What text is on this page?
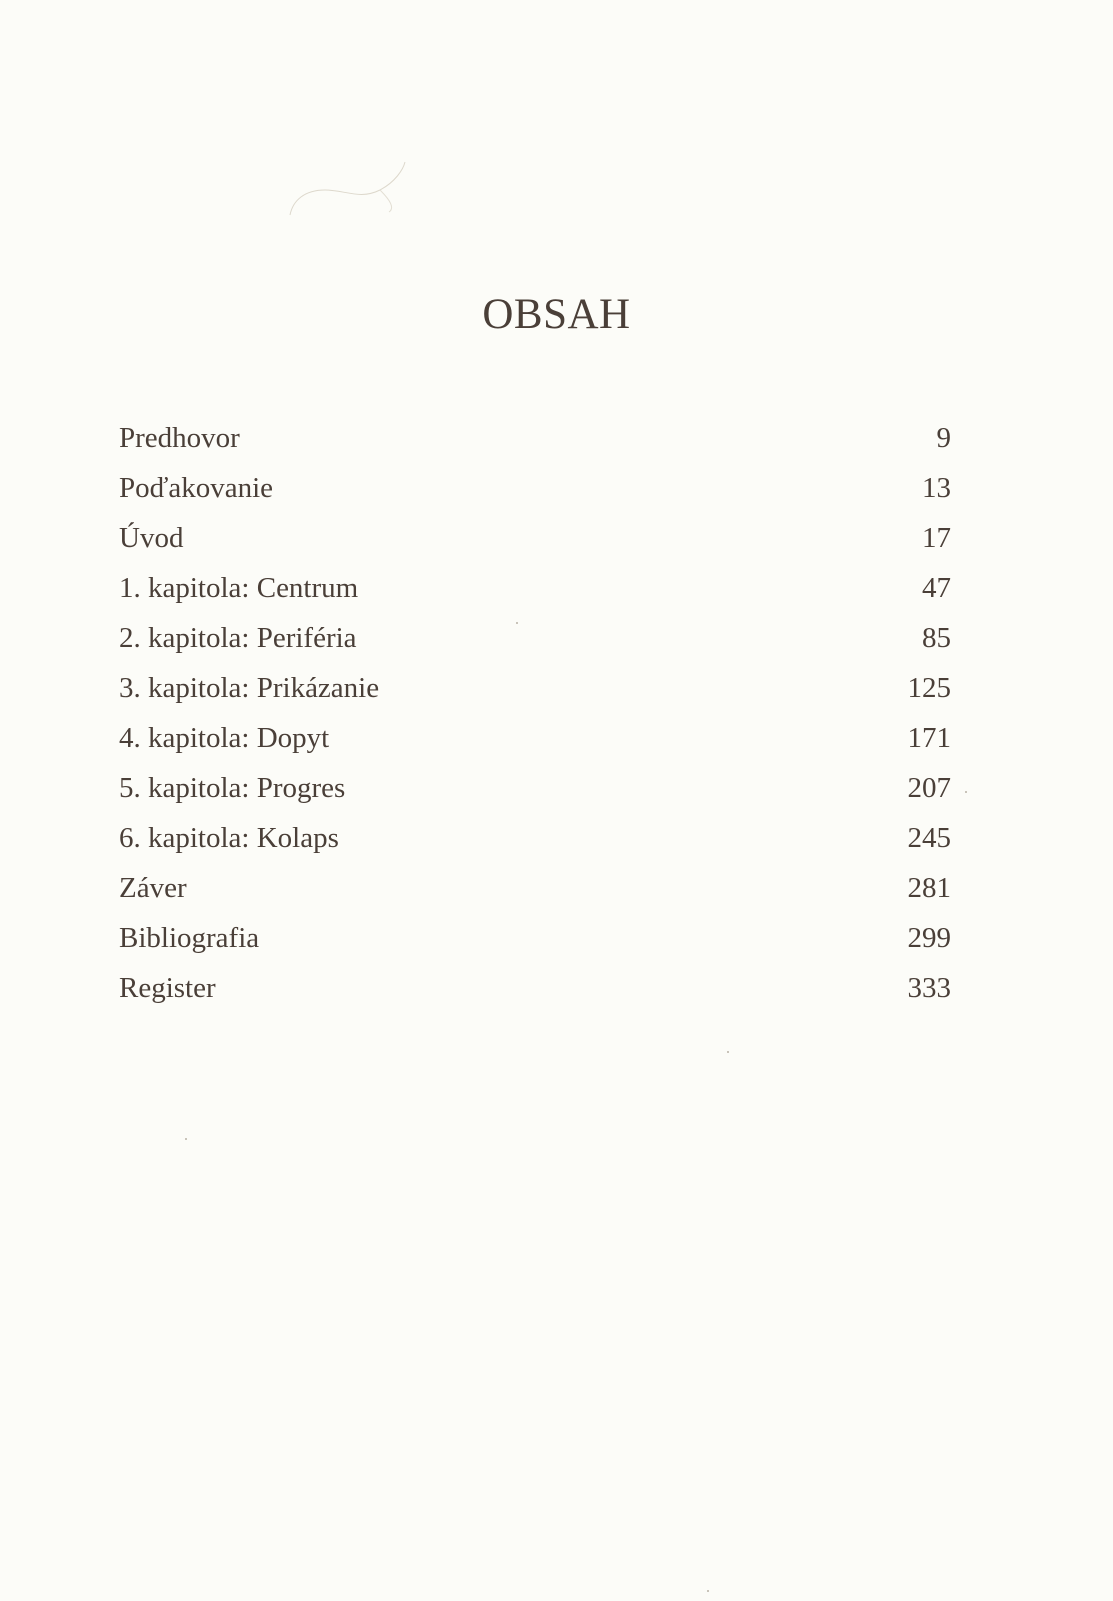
OBSAH
Predhovor	9
Poďakovanie	13
Úvod	17
1. kapitola: Centrum	47
2. kapitola: Periféria	85
3. kapitola: Prikázanie	125
4. kapitola: Dopyt	171
5. kapitola: Progres	207
6. kapitola: Kolaps	245
Záver	281
Bibliografia	299
Register	333
